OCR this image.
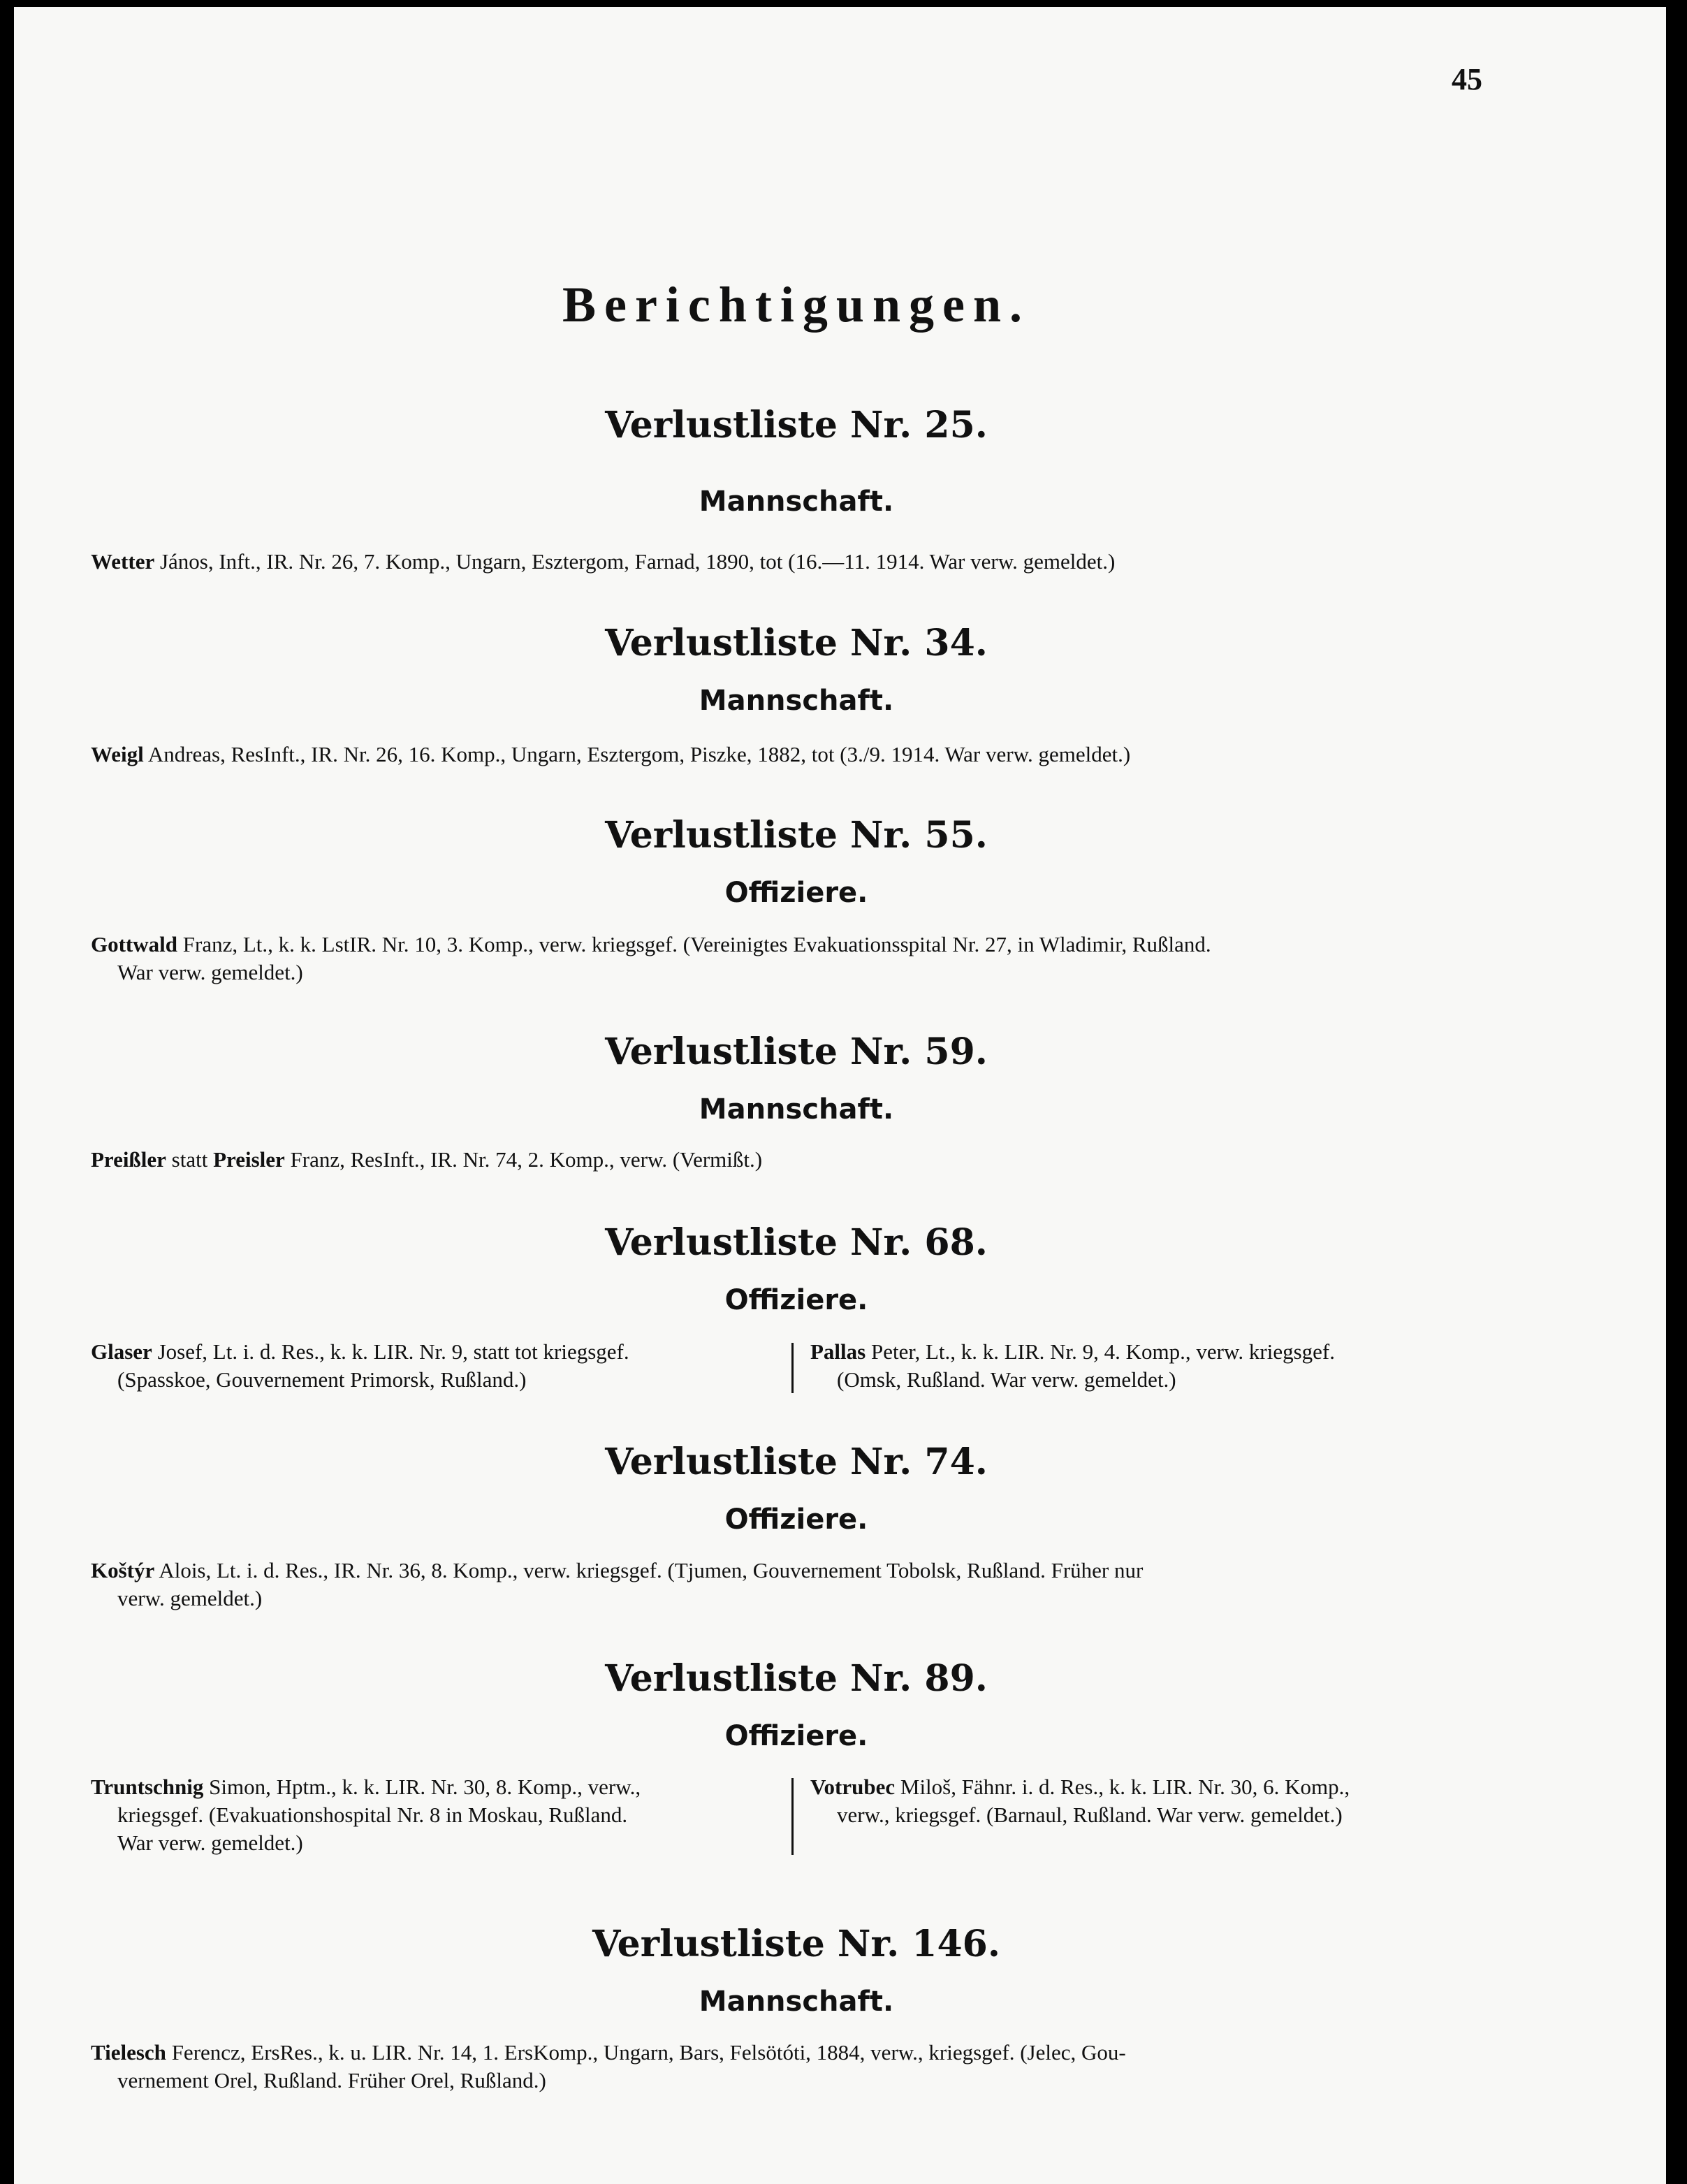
45
Berichtigungen.
Verlustliste Nr. 25.
Mannschaft.
Wetter János, Inft., IR. Nr. 26, 7. Komp., Ungarn, Esztergom, Farnad, 1890, tot (16.—11. 1914. War verw. gemeldet.)
Verlustliste Nr. 34.
Mannschaft.
Weigl Andreas, ResInft., IR. Nr. 26, 16. Komp., Ungarn, Esztergom, Piszke, 1882, tot (3./9. 1914. War verw. gemeldet.)
Verlustliste Nr. 55.
Offiziere.
Gottwald Franz, Lt., k. k. LstIR. Nr. 10, 3. Komp., verw. kriegsgef. (Vereinigtes Evakuationsspital Nr. 27, in Wladimir, Rußland.
War verw. gemeldet.)
Verlustliste Nr. 59.
Mannschaft.
Preißler statt Preisler Franz, ResInft., IR. Nr. 74, 2. Komp., verw. (Vermißt.)
Verlustliste Nr. 68.
Offiziere.
Glaser Josef, Lt. i. d. Res., k. k. LIR. Nr. 9, statt tot kriegsgef.
(Spasskoe, Gouvernement Primorsk, Rußland.)
Pallas Peter, Lt., k. k. LIR. Nr. 9, 4. Komp., verw. kriegsgef.
(Omsk, Rußland. War verw. gemeldet.)
Verlustliste Nr. 74.
Offiziere.
Koštýr Alois, Lt. i. d. Res., IR. Nr. 36, 8. Komp., verw. kriegsgef. (Tjumen, Gouvernement Tobolsk, Rußland. Früher nur
verw. gemeldet.)
Verlustliste Nr. 89.
Offiziere.
Truntschnig Simon, Hptm., k. k. LIR. Nr. 30, 8. Komp., verw.,
kriegsgef. (Evakuationshospital Nr. 8 in Moskau, Rußland.
War verw. gemeldet.)
Votrubec Miloš, Fähnr. i. d. Res., k. k. LIR. Nr. 30, 6. Komp.,
verw., kriegsgef. (Barnaul, Rußland. War verw. gemeldet.)
Verlustliste Nr. 146.
Mannschaft.
Tielesch Ferencz, ErsRes., k. u. LIR. Nr. 14, 1. ErsKomp., Ungarn, Bars, Felsötóti, 1884, verw., kriegsgef. (Jelec, Gou-
vernement Orel, Rußland. Früher Orel, Rußland.)
